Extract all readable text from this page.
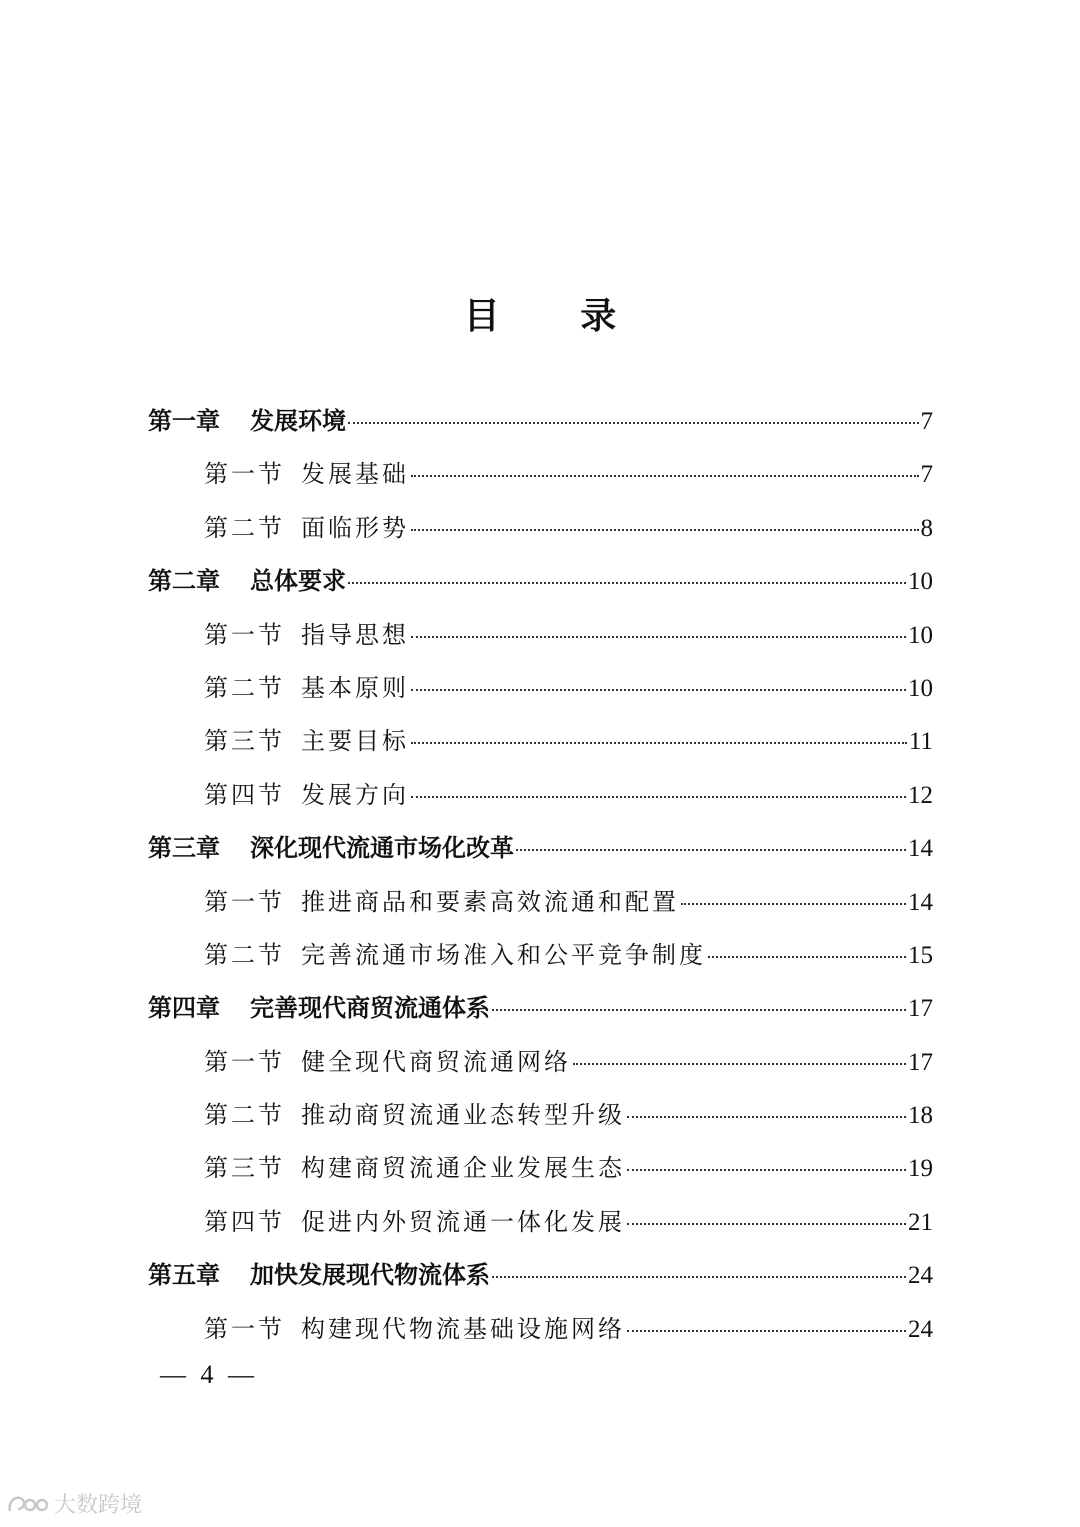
目 录
第一章 发展环境	7
第一节 发展基础	7
第二节 面临形势	8
第二章 总体要求	10
第一节 指导思想	10
第二节 基本原则	10
第三节 主要目标	11
第四节 发展方向	12
第三章 深化现代流通市场化改革	14
第一节 推进商品和要素高效流通和配置	14
第二节 完善流通市场准入和公平竞争制度	15
第四章 完善现代商贸流通体系	17
第一节 健全现代商贸流通网络	17
第二节 推动商贸流通业态转型升级	18
第三节 构建商贸流通企业发展生态	19
第四节 促进内外贸流通一体化发展	21
第五章 加快发展现代物流体系	24
第一节 构建现代物流基础设施网络	24
— 4 —
大数跨境
